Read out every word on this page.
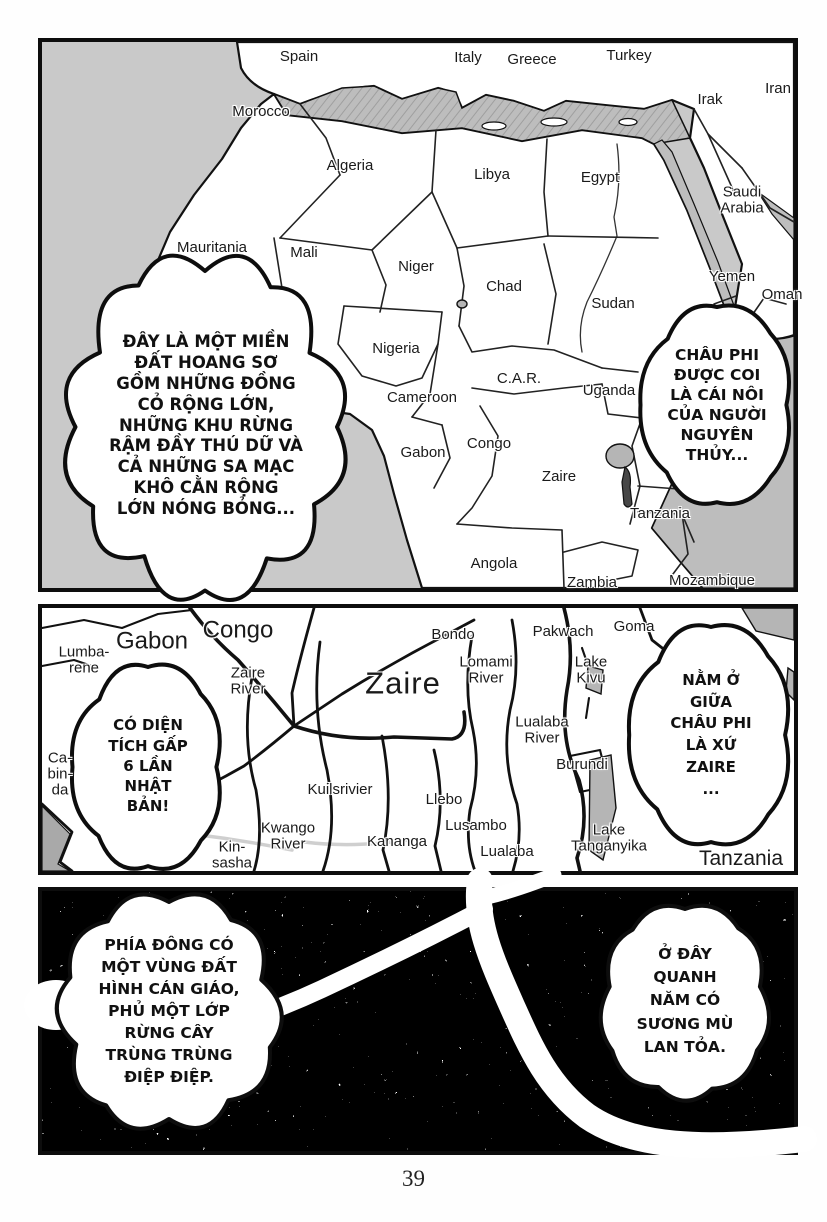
Spain	Italy Greece	Turkey
Irak
Iran
Morocco
Algeria
Libya	Egypt
Saudi
Arabia
Mauritania	Mali
Niger
Chad
Sudan
Yemen
Oman
Nigeria
C.A.R.
Uganda
Cameroon
Gabon
Congo
Zaire
Tanzania
Angola
Zambia	Mozambique
ĐÂY LÀ MỘT MIỀN
ĐẤT HOANG SƠ
GỒM NHỮNG ĐỒNG
CỎ RỘNG LỚN,
NHỮNG KHU RỪNG
RẬM ĐẦY THÚ DỮ VÀ
CẢ NHỮNG SA MẠC
KHÔ CẰN RỘNG
LỚN NÓNG BỎNG...
CHÂU PHI
ĐƯỢC COI
LÀ CÁI NÔI
CỦA NGƯỜI
NGUYÊN
THỦY...
Lumba-
rene
Gabon Congo
Zaire
River	Zaire
Bondo
Lomami
River
Pakwach Goma
Lake
Kivu
Lualaba
River
Burundi
Ca-
bin-
da	Kuilsrivier
Kwango
River
Kin-
sasha
Kananga
Llebo
Lusambo
Lualaba
Lake
Tanganyika
Tanzania
CÓ DIỆN
TÍCH GẤP
6 LẦN
NHẬT
BẢN!
NẰM Ở
GIỮA
CHÂU PHI
LÀ XỨ
ZAIRE
...
PHÍA ĐÔNG CÓ
MỘT VÙNG ĐẤT
HÌNH CÁN GIÁO,
PHỦ MỘT LỚP
RỪNG CÂY
TRÙNG TRÙNG
ĐIỆP ĐIỆP.
Ở ĐÂY
QUANH
NĂM CÓ
SƯƠNG MÙ
LAN TỎA.
39
